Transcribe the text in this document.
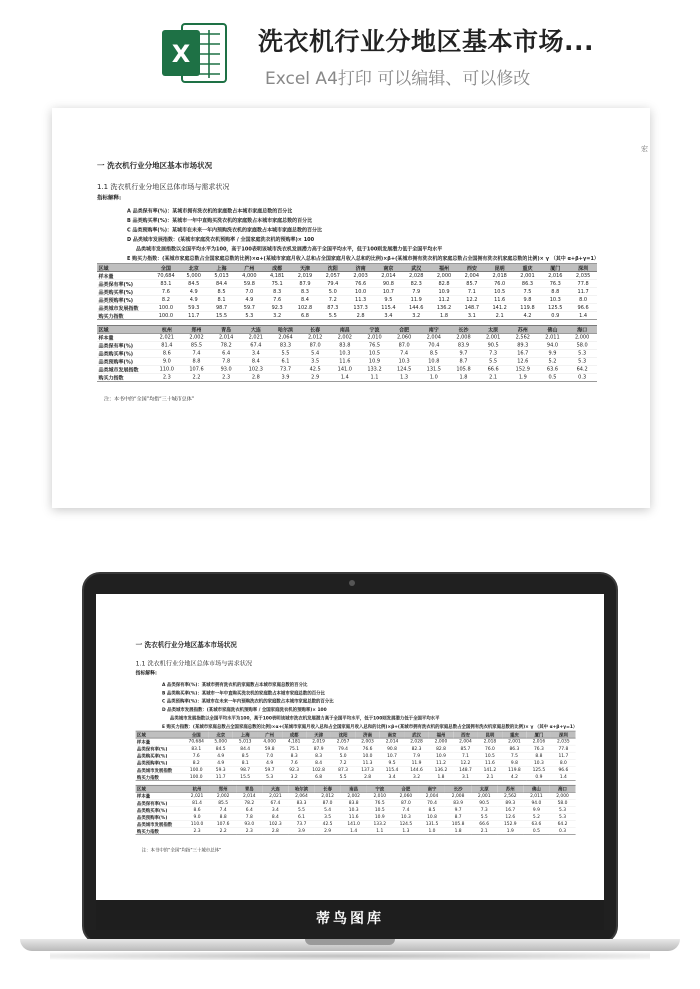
X	洗衣机行业分地区基本市场...
Excel A4打印 可以编辑、可以修改
宏
一 洗衣机行业分地区基本市场状况
1.1 洗衣机行业分地区总体市场与需求状况
指标解释:
A 品类保有率(%)：某城市拥有洗衣机的家庭数占本城市家庭总数的百分比
B 品类购买率(%)：某城市一年中直购买洗衣机的家庭数占本城市家庭总数的百分比
C 品类预购率(%)：某城市在未来一年内预购洗衣机的家庭数占本城市家庭总数的百分比
D 品类城市发展指数：(某城市家庭洗衣机预购率 / 全国家庭洗衣机的预购率)× 100
品类城市发展指数以全国平均水平为100，高于100表明该城市洗衣机发展潜力高于全国平均水平，低于100则发展潜力低于全国平均水平
E 购买力指数：(某城市家庭总数占全国家庭总数的比例)×α+(某城市家庭月收入总和占全国家庭月收入总和的比例)×β+(某城市拥有洗衣机的家庭总数占全国拥有洗衣机家庭总数的比例)× γ （其中 α+β+γ=1）
区域	全国	北京	上海	广州	成都	天津	沈阳	济南	南京	武汉	福州	西安	昆明	重庆	厦门	深圳
样本量	70,684	5,000	5,013	4,000	4,181	2,019	2,057	2,003	2,014	2,028	2,000	2,004	2,018	2,001	2,016	2,035
品类保有率(%)	83.1	84.5	84.4	59.8	75.1	87.9	79.4	76.6	90.8	82.3	82.8	85.7	76.0	86.3	76.3	77.8
品类购买率(%)	7.6	4.9	8.5	7.0	8.3	8.3	5.0	10.0	10.7	7.9	10.9	7.1	10.5	7.5	8.8	11.7
品类预购率(%)	8.2	4.9	8.1	4.9	7.6	8.4	7.2	11.3	9.5	11.9	11.2	12.2	11.6	9.8	10.3	8.0
品类城市发展指数	100.0	59.3	98.7	59.7	92.3	102.8	87.3	137.3	115.4	144.6	136.2	148.7	141.2	119.8	125.5	96.6
购买力指数	100.0	11.7	15.5	5.3	3.2	6.8	5.5	2.8	3.4	3.2	1.8	3.1	2.1	4.2	0.9	1.4
区域	杭州	郑州	青岛	大连	哈尔滨	长春	南昌	宁波	合肥	南宁	长沙	太原	苏州	佛山	海口
样本量	2,021	2,002	2,014	2,021	2,064	2,012	2,002	2,010	2,060	2,004	2,008	2,001	2,562	2,011	2,000
品类保有率(%)	81.4	85.5	78.2	67.4	83.3	87.0	83.8	76.5	87.0	70.4	83.9	90.5	89.3	94.0	58.0
品类购买率(%)	8.6	7.4	6.4	3.4	5.5	5.4	10.3	10.5	7.4	8.5	9.7	7.3	16.7	9.9	5.3
品类预购率(%)	9.0	8.8	7.8	8.4	6.1	3.5	11.6	10.9	10.3	10.8	8.7	5.5	12.6	5.2	5.3
品类城市发展指数	110.0	107.6	93.0	102.3	73.7	42.5	141.0	133.2	124.5	131.5	105.8	66.6	152.9	63.6	64.2
购买力指数	2.3	2.2	2.3	2.8	3.9	2.9	1.4	1.1	1.3	1.0	1.8	2.1	1.9	0.5	0.3
注：本书中的“全国”均指“三十城市总体”
一 洗衣机行业分地区基本市场状况
1.1 洗衣机行业分地区总体市场与需求状况
指标解释:
A 品类保有率(%)：某城市拥有洗衣机的家庭数占本城市家庭总数的百分比
B 品类购买率(%)：某城市一年中直购买洗衣机的家庭数占本城市家庭总数的百分比
C 品类预购率(%)：某城市在未来一年内预购洗衣机的家庭数占本城市家庭总数的百分比
D 品类城市发展指数：(某城市家庭洗衣机预购率 / 全国家庭洗衣机的预购率)× 100
品类城市发展指数以全国平均水平为100，高于100表明该城市洗衣机发展潜力高于全国平均水平，低于100则发展潜力低于全国平均水平
E 购买力指数：(某城市家庭总数占全国家庭总数的比例)×α+(某城市家庭月收入总和占全国家庭月收入总和的比例)×β+(某城市拥有洗衣机的家庭总数占全国拥有洗衣机家庭总数的比例)× γ （其中 α+β+γ=1）
区域	全国	北京	上海	广州	成都	天津	沈阳	济南	南京	武汉	福州	西安	昆明	重庆	厦门	深圳
样本量	70,684	5,000	5,013	4,000	4,181	2,019	2,057	2,003	2,014	2,028	2,000	2,004	2,018	2,001	2,016	2,035
品类保有率(%)	83.1	84.5	84.4	59.8	75.1	87.9	79.4	76.6	90.8	82.3	82.8	85.7	76.0	86.3	76.3	77.8
品类购买率(%)	7.6	4.9	8.5	7.0	8.3	8.3	5.0	10.0	10.7	7.9	10.9	7.1	10.5	7.5	8.8	11.7
品类预购率(%)	8.2	4.9	8.1	4.9	7.6	8.4	7.2	11.3	9.5	11.9	11.2	12.2	11.6	9.8	10.3	8.0
品类城市发展指数	100.0	59.3	98.7	59.7	92.3	102.8	87.3	137.3	115.4	144.6	136.2	148.7	141.2	119.8	125.5	96.6
购买力指数	100.0	11.7	15.5	5.3	3.2	6.8	5.5	2.8	3.4	3.2	1.8	3.1	2.1	4.2	0.9	1.4
区域	杭州	郑州	青岛	大连	哈尔滨	长春	南昌	宁波	合肥	南宁	长沙	太原	苏州	佛山	海口
样本量	2,021	2,002	2,014	2,021	2,064	2,012	2,002	2,010	2,060	2,004	2,008	2,001	2,562	2,011	2,000
品类保有率(%)	81.4	85.5	78.2	67.4	83.3	87.0	83.8	76.5	87.0	70.4	83.9	90.5	89.3	94.0	58.0
品类购买率(%)	8.6	7.4	6.4	3.4	5.5	5.4	10.3	10.5	7.4	8.5	9.7	7.3	16.7	9.9	5.3
品类预购率(%)	9.0	8.8	7.8	8.4	6.1	3.5	11.6	10.9	10.3	10.8	8.7	5.5	12.6	5.2	5.3
品类城市发展指数	110.0	107.6	93.0	102.3	73.7	42.5	141.0	133.2	124.5	131.5	105.8	66.6	152.9	63.6	64.2
购买力指数	2.3	2.2	2.3	2.8	3.9	2.9	1.4	1.1	1.3	1.0	1.8	2.1	1.9	0.5	0.3
注：本书中的“全国”均指“三十城市总体”
蒂鸟图库
